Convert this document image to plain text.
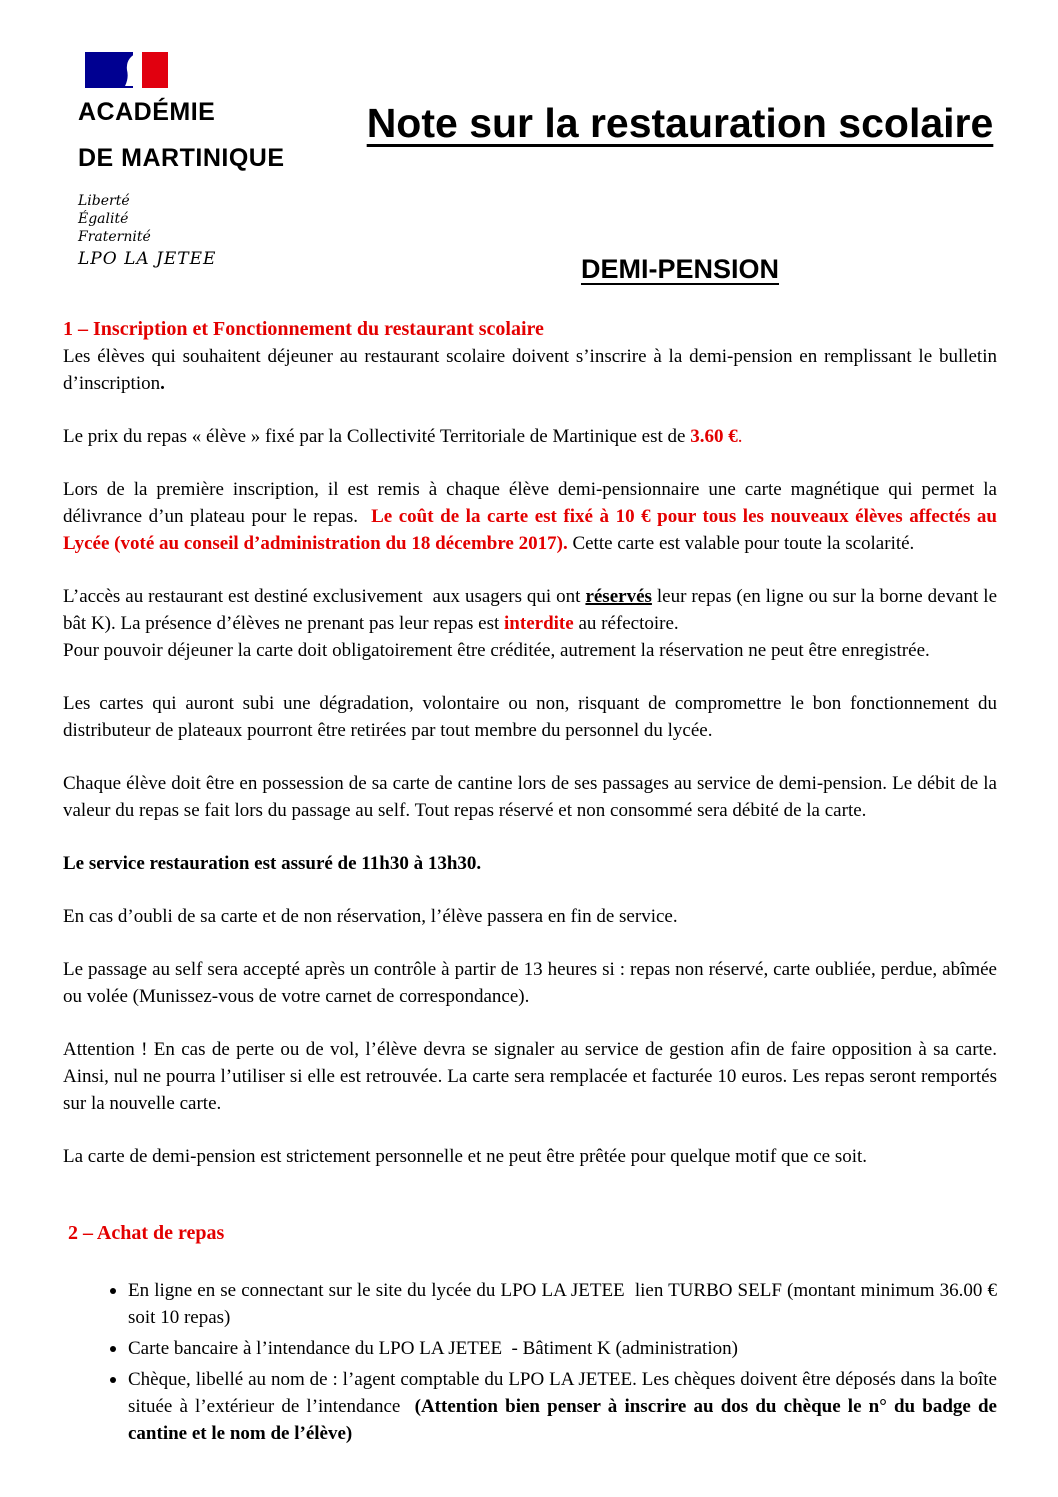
ACADÉMIE
DE MARTINIQUE
Liberté
Égalité
Fraternité
LPO LA JETEE
Note sur la restauration scolaire
DEMI-PENSION
1 – Inscription et Fonctionnement du restaurant scolaire

Les élèves qui souhaitent déjeuner au restaurant scolaire doivent s’inscrire à la demi-pension en remplissant le bulletin d’inscription.

Le prix du repas « élève » fixé par la Collectivité Territoriale de Martinique est de 3.60 €.

Lors de la première inscription, il est remis à chaque élève demi-pensionnaire une carte magnétique qui permet la délivrance d’un plateau pour le repas.  Le coût de la carte est fixé à 10 € pour tous les nouveaux élèves affectés au Lycée (voté au conseil d’administration du 18 décembre 2017). Cette carte est valable pour toute la scolarité.

L’accès au restaurant est destiné exclusivement  aux usagers qui ont réservés leur repas (en ligne ou sur la borne devant le bât K). La présence d’élèves ne prenant pas leur repas est interdite au réfectoire.

Pour pouvoir déjeuner la carte doit obligatoirement être créditée, autrement la réservation ne peut être enregistrée.

Les cartes qui auront subi une dégradation, volontaire ou non, risquant de compromettre le bon fonctionnement du distributeur de plateaux pourront être retirées par tout membre du personnel du lycée.

Chaque élève doit être en possession de sa carte de cantine lors de ses passages au service de demi-pension. Le débit de la valeur du repas se fait lors du passage au self. Tout repas réservé et non consommé sera débité de la carte.

Le service restauration est assuré de 11h30 à 13h30.

En cas d’oubli de sa carte et de non réservation, l’élève passera en fin de service.

Le passage au self sera accepté après un contrôle à partir de 13 heures si : repas non réservé, carte oubliée, perdue, abîmée ou volée (Munissez-vous de votre carnet de correspondance).

Attention ! En cas de perte ou de vol, l’élève devra se signaler au service de gestion afin de faire opposition à sa carte. Ainsi, nul ne pourra l’utiliser si elle est retrouvée. La carte sera remplacée et facturée 10 euros. Les repas seront remportés sur la nouvelle carte.

La carte de demi-pension est strictement personnelle et ne peut être prêtée pour quelque motif que ce soit.

2 – Achat de repas
En ligne en se connectant sur le site du lycée du LPO LA JETEE  lien TURBO SELF (montant minimum 36.00 € soit 10 repas)
Carte bancaire à l’intendance du LPO LA JETEE  - Bâtiment K (administration)
Chèque, libellé au nom de : l’agent comptable du LPO LA JETEE. Les chèques doivent être déposés dans la boîte située à l’extérieur de l’intendance  (Attention bien penser à inscrire au dos du chèque le n° du badge de cantine et le nom de l’élève)
